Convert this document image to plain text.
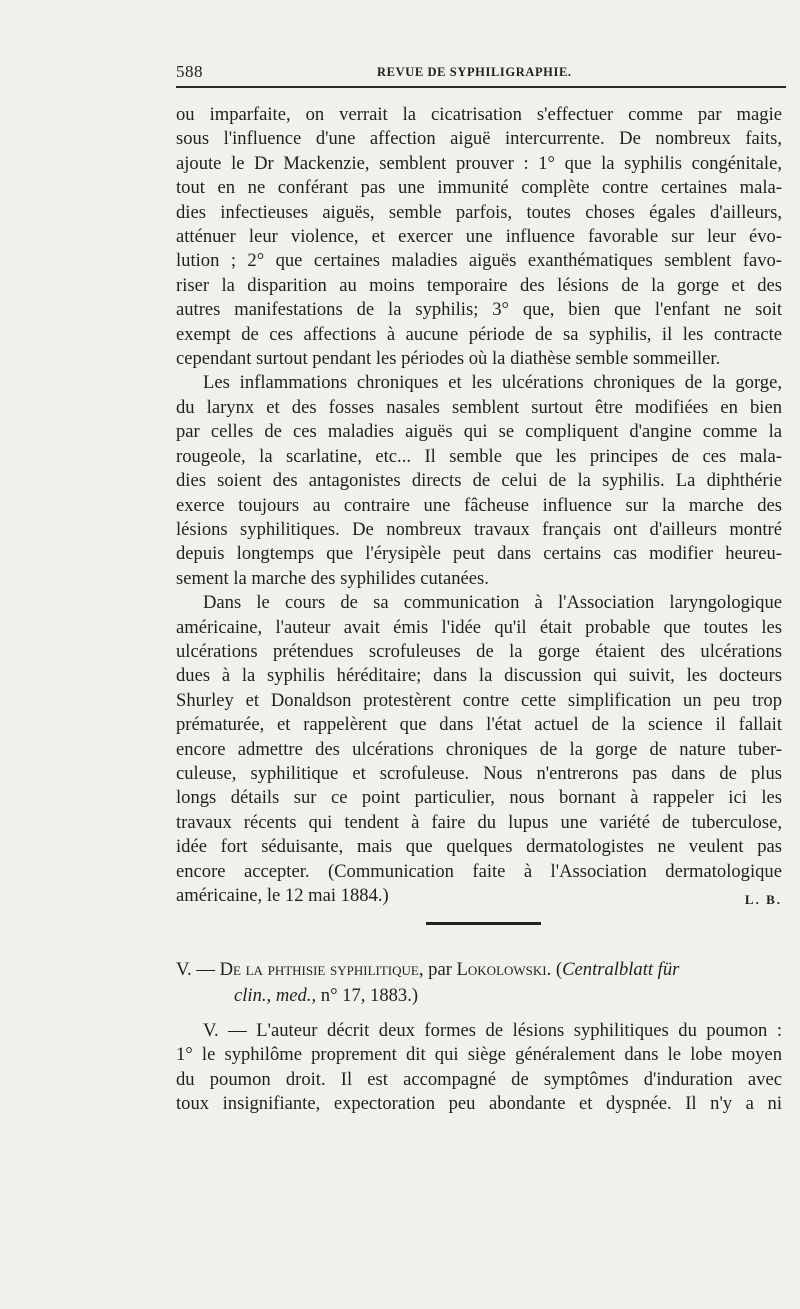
588	REVUE DE SYPHILIGRAPHIE.

ou imparfaite, on verrait la cicatrisation s'effectuer comme par magie
sous l'influence d'une affection aiguë intercurrente. De nombreux faits,
ajoute le Dr Mackenzie, semblent prouver : 1° que la syphilis congénitale,
tout en ne conférant pas une immunité complète contre certaines mala-
dies infectieuses aiguës, semble parfois, toutes choses égales d'ailleurs,
atténuer leur violence, et exercer une influence favorable sur leur évo-
lution ; 2° que certaines maladies aiguës exanthématiques semblent favo-
riser la disparition au moins temporaire des lésions de la gorge et des
autres manifestations de la syphilis; 3° que, bien que l'enfant ne soit
exempt de ces affections à aucune période de sa syphilis, il les contracte
cependant surtout pendant les périodes où la diathèse semble sommeiller.

Les inflammations chroniques et les ulcérations chroniques de la gorge,
du larynx et des fosses nasales semblent surtout être modifiées en bien
par celles de ces maladies aiguës qui se compliquent d'angine comme la
rougeole, la scarlatine, etc... Il semble que les principes de ces mala-
dies soient des antagonistes directs de celui de la syphilis. La diphthérie
exerce toujours au contraire une fâcheuse influence sur la marche des
lésions syphilitiques. De nombreux travaux français ont d'ailleurs montré
depuis longtemps que l'érysipèle peut dans certains cas modifier heureu-
sement la marche des syphilides cutanées.

Dans le cours de sa communication à l'Association laryngologique
américaine, l'auteur avait émis l'idée qu'il était probable que toutes les
ulcérations prétendues scrofuleuses de la gorge étaient des ulcérations
dues à la syphilis héréditaire; dans la discussion qui suivit, les docteurs
Shurley et Donaldson protestèrent contre cette simplification un peu trop
prématurée, et rappelèrent que dans l'état actuel de la science il fallait
encore admettre des ulcérations chroniques de la gorge de nature tuber-
culeuse, syphilitique et scrofuleuse. Nous n'entrerons pas dans de plus
longs détails sur ce point particulier, nous bornant à rappeler ici les
travaux récents qui tendent à faire du lupus une variété de tuberculose,
idée fort séduisante, mais que quelques dermatologistes ne veulent pas
encore accepter. (Communication faite à l'Association dermatologique
américaine, le 12 mai 1884.)	L. B.

V. — De la phthisie syphilitique, par Lokolowski. (Centralblatt für
clin., med., n° 17, 1883.)

V. — L'auteur décrit deux formes de lésions syphilitiques du poumon :
1° le syphilôme proprement dit qui siège généralement dans le lobe moyen
du poumon droit. Il est accompagné de symptômes d'induration avec
toux insignifiante, expectoration peu abondante et dyspnée. Il n'y a ni
